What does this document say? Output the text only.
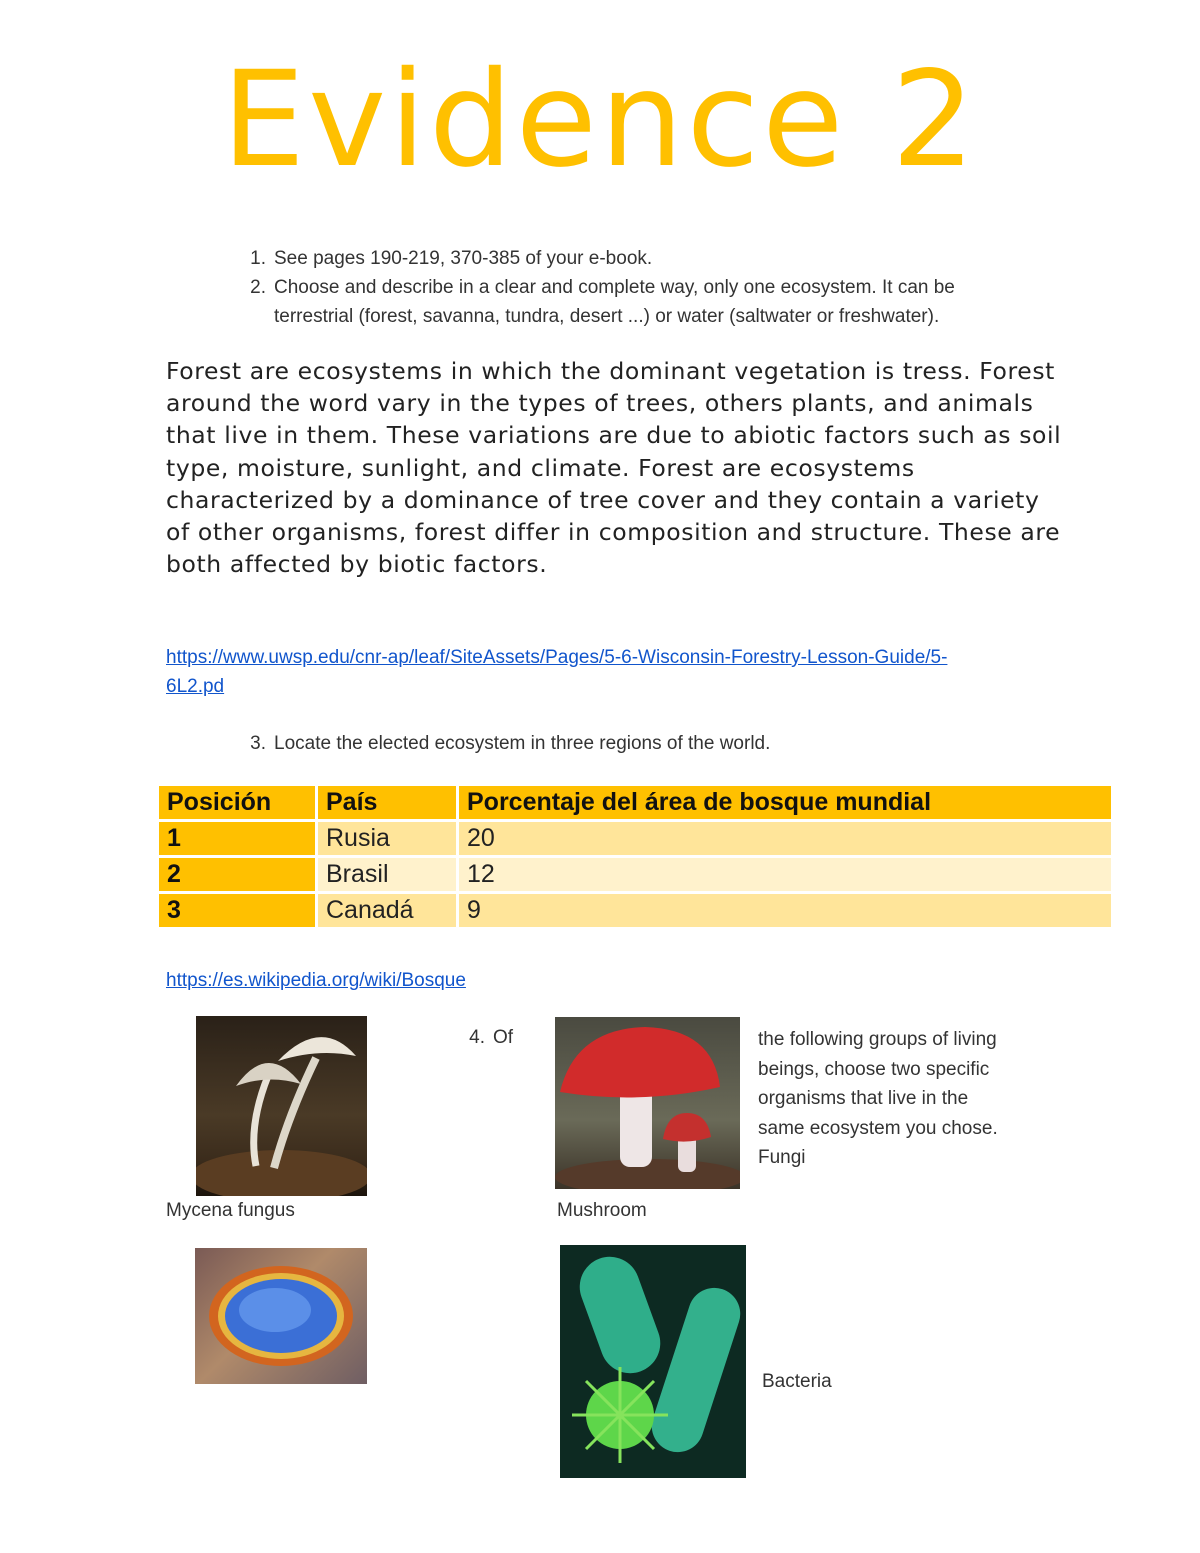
Evidence 2
1. See pages 190-219, 370-385 of your e-book.
2. Choose and describe in a clear and complete way, only one ecosystem. It can be
terrestrial (forest, savanna, tundra, desert ...) or water (saltwater or freshwater).
Forest are ecosystems in which the dominant vegetation is tress. Forest around the word vary in the types of trees, others plants, and animals that live in them. These variations are due to abiotic factors such as soil type, moisture, sunlight, and climate. Forest are ecosystems characterized by a dominance of tree cover and they contain a variety of other organisms, forest differ in composition and structure. These are both affected by biotic factors.
https://www.uwsp.edu/cnr-ap/leaf/SiteAssets/Pages/5-6-Wisconsin-Forestry-Lesson-Guide/5-
6L2.pd
3. Locate the elected ecosystem in three regions of the world.
Posición	País	Porcentaje del área de bosque mundial
1	Rusia	20
2	Brasil	12
3	Canadá	9
https://es.wikipedia.org/wiki/Bosque
Mycena fungus
4. Of
Mushroom
the following groups of living
beings, choose two specific
organisms that live in the
same ecosystem you chose.
Fungi
Bacteria
